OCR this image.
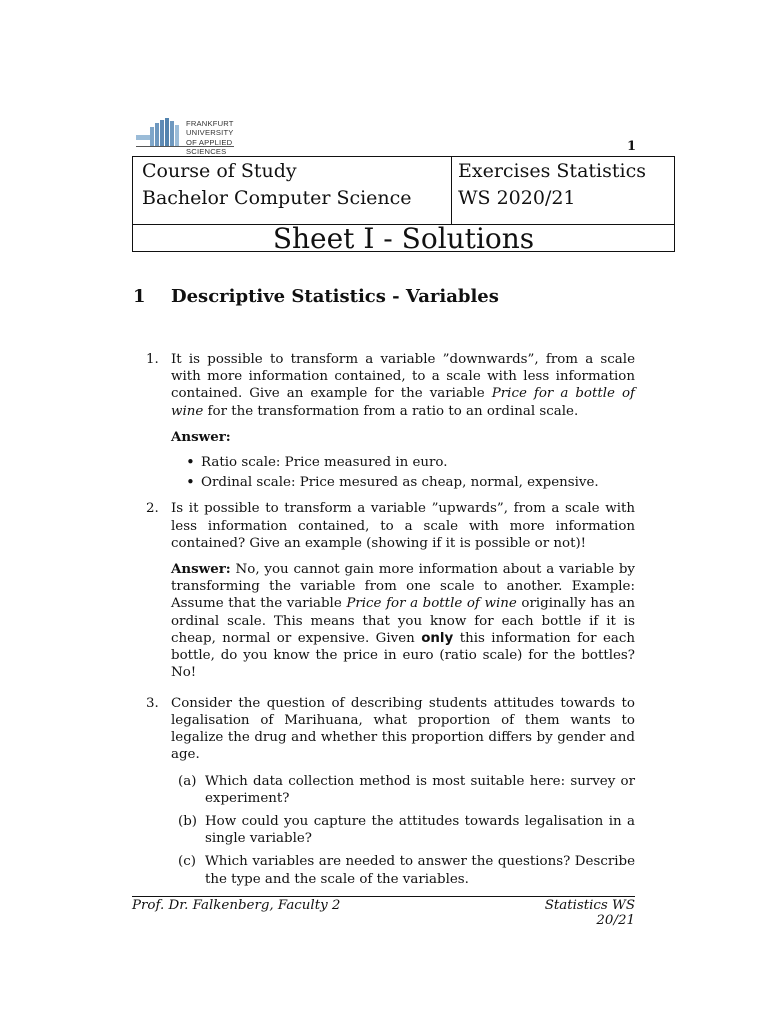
FRANKFURT
UNIVERSITY
OF APPLIED SCIENCES	1
Course of Study
Bachelor Computer Science
Exercises Statistics
WS 2020/21
Sheet I - Solutions
1 Descriptive Statistics - Variables
1. It is possible to transform a variable ”downwards”, from a scale with more information contained, to a scale with less information contained. Give an example for the variable Price for a bottle of wine for the transformation from a ratio to an ordinal scale.

Answer:
• Ratio scale: Price measured in euro.
• Ordinal scale: Price mesured as cheap, normal, expensive.
2. Is it possible to transform a variable ”upwards”, from a scale with less information contained, to a scale with more information contained? Give an example (showing if it is possible or not)!

Answer: No, you cannot gain more information about a variable by transforming the variable from one scale to another. Example: Assume that the variable Price for a bottle of wine originally has an ordinal scale. This means that you know for each bottle if it is cheap, normal or expensive. Given only this information for each bottle, do you know the price in euro (ratio scale) for the bottles? No!

3. Consider the question of describing students attitudes towards to legalisation of Marihuana, what proportion of them wants to legalize the drug and whether this proportion differs by gender and age.

(a) Which data collection method is most suitable here: survey or experiment?
(b) How could you capture the attitudes towards legalisation in a single variable?
(c) Which variables are needed to answer the questions? Describe the type and the scale of the variables.
Prof. Dr. Falkenberg, Faculty 2	Statistics WS 20/21
